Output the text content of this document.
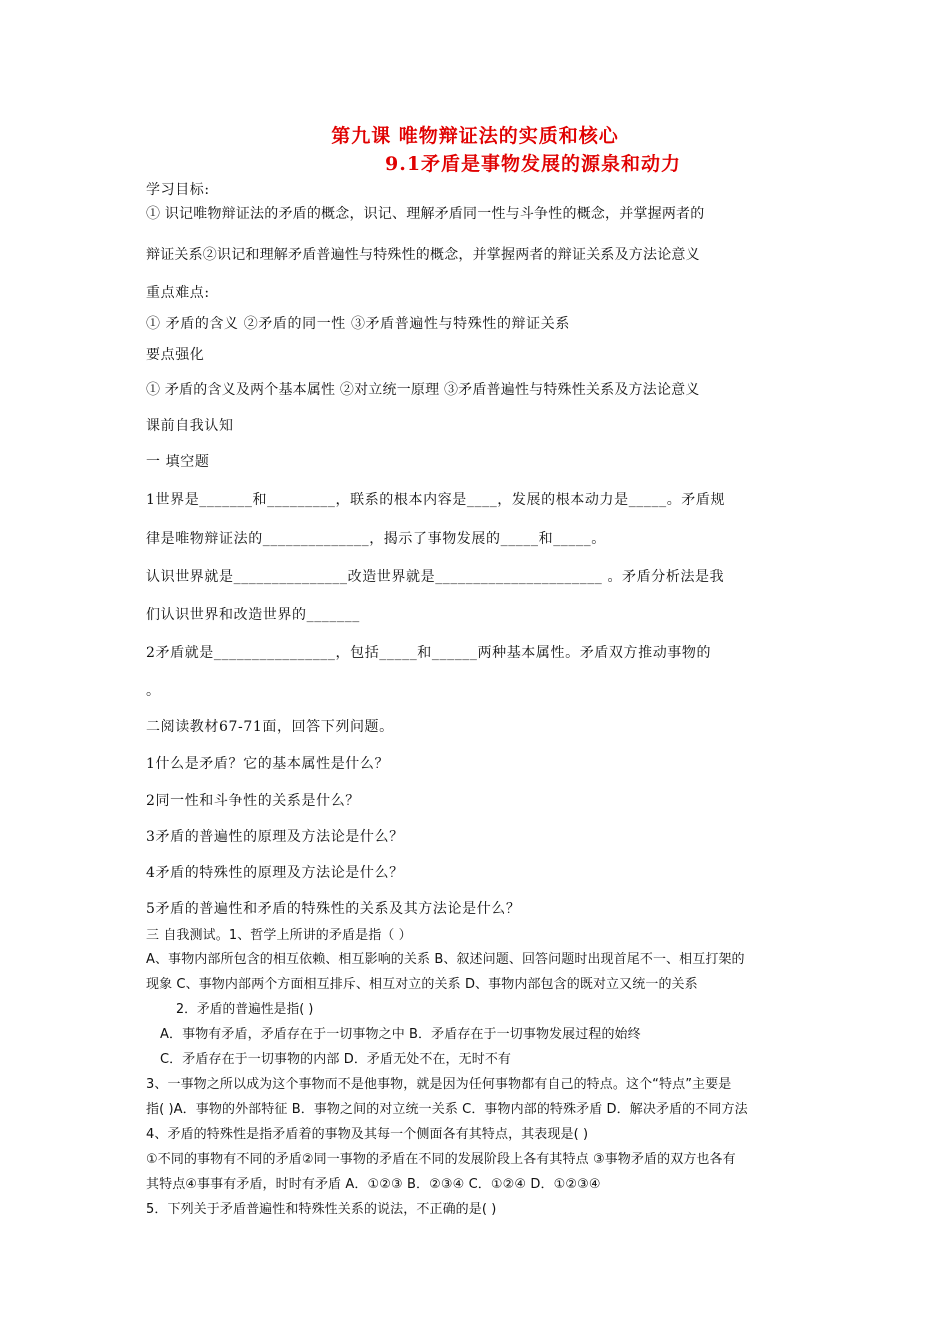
第九课 唯物辩证法的实质和核心
9.1矛盾是事物发展的源泉和动力
学习目标:
① 识记唯物辩证法的矛盾的概念，识记、理解矛盾同一性与斗争性的概念，并掌握两者的
辩证关系②识记和理解矛盾普遍性与特殊性的概念，并掌握两者的辩证关系及方法论意义
重点难点:
① 矛盾的含义 ②矛盾的同一性 ③矛盾普遍性与特殊性的辩证关系
要点强化
① 矛盾的含义及两个基本属性 ②对立统一原理 ③矛盾普遍性与特殊性关系及方法论意义
课前自我认知
一 填空题
1世界是_______和_________，联系的根本内容是____，发展的根本动力是_____。矛盾规
律是唯物辩证法的______________，揭示了事物发展的_____和_____。
认识世界就是_______________改造世界就是______________________ 。矛盾分析法是我
们认识世界和改造世界的_______
2矛盾就是________________，包括_____和______两种基本属性。矛盾双方推动事物的
。
二阅读教材67-71面，回答下列问题。
1什么是矛盾？它的基本属性是什么？
2同一性和斗争性的关系是什么？
3矛盾的普遍性的原理及方法论是什么？
4矛盾的特殊性的原理及方法论是什么？
5矛盾的普遍性和矛盾的特殊性的关系及其方法论是什么？
三 自我测试。1、哲学上所讲的矛盾是指（ ）
A、事物内部所包含的相互依赖、相互影响的关系 B、叙述问题、回答问题时出现首尾不一、相互打架的
现象 C、事物内部两个方面相互排斥、相互对立的关系 D、事物内部包含的既对立又统一的关系
2．矛盾的普遍性是指( )
A．事物有矛盾，矛盾存在于一切事物之中 B．矛盾存在于一切事物发展过程的始终
C．矛盾存在于一切事物的内部 D．矛盾无处不在，无时不有
3、一事物之所以成为这个事物而不是他事物，就是因为任何事物都有自己的特点。这个“特点”主要是
指( )A．事物的外部特征 B．事物之间的对立统一关系 C．事物内部的特殊矛盾 D．解决矛盾的不同方法
4、矛盾的特殊性是指矛盾着的事物及其每一个侧面各有其特点，其表现是( )
①不同的事物有不同的矛盾②同一事物的矛盾在不同的发展阶段上各有其特点 ③事物矛盾的双方也各有
其特点④事事有矛盾，时时有矛盾 A．①②③ B．②③④ C．①②④ D．①②③④
5．下列关于矛盾普遍性和特殊性关系的说法，不正确的是( )
